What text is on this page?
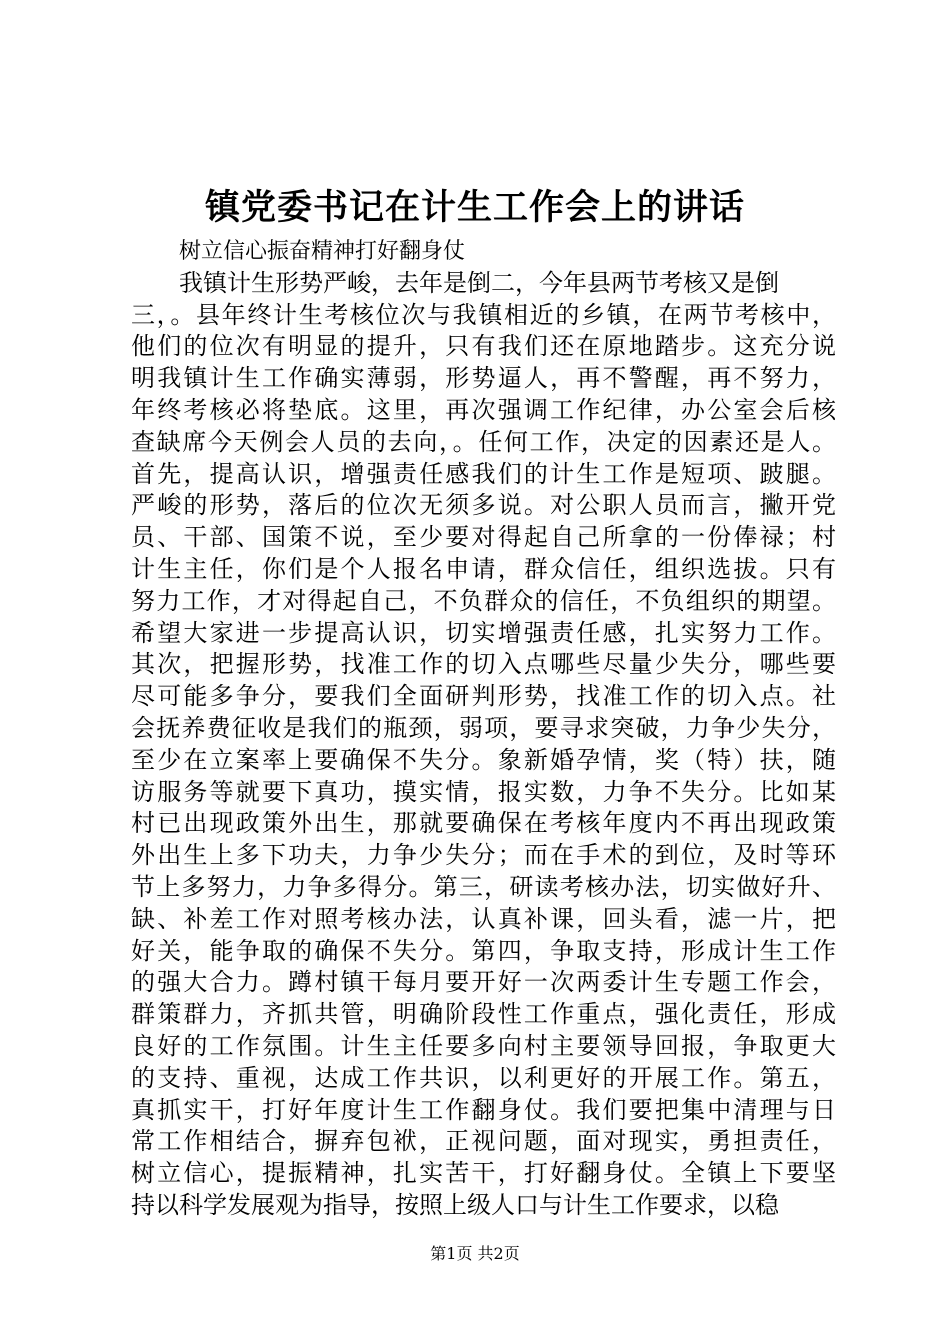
镇党委书记在计生工作会上的讲话
树立信心振奋精神打好翻身仗
我镇计生形势严峻，去年是倒二，今年县两节考核又是倒
三，。县年终计生考核位次与我镇相近的乡镇，在两节考核中，
他们的位次有明显的提升，只有我们还在原地踏步。这充分说
明我镇计生工作确实薄弱，形势逼人，再不警醒，再不努力，
年终考核必将垫底。这里，再次强调工作纪律，办公室会后核
查缺席今天例会人员的去向，。任何工作，决定的因素还是人。
首先，提高认识，增强责任感我们的计生工作是短项、跛腿。
严峻的形势，落后的位次无须多说。对公职人员而言，撇开党
员、干部、国策不说，至少要对得起自己所拿的一份俸禄；村
计生主任，你们是个人报名申请，群众信任，组织选拔。只有
努力工作，才对得起自己，不负群众的信任，不负组织的期望。
希望大家进一步提高认识，切实增强责任感，扎实努力工作。
其次，把握形势，找准工作的切入点哪些尽量少失分，哪些要
尽可能多争分，要我们全面研判形势，找准工作的切入点。社
会抚养费征收是我们的瓶颈，弱项，要寻求突破，力争少失分，
至少在立案率上要确保不失分。象新婚孕情，奖（特）扶，随
访服务等就要下真功，摸实情，报实数，力争不失分。比如某
村已出现政策外出生，那就要确保在考核年度内不再出现政策
外出生上多下功夫，力争少失分；而在手术的到位，及时等环
节上多努力，力争多得分。第三，研读考核办法，切实做好升、
缺、补差工作对照考核办法，认真补课，回头看，滤一片，把
好关，能争取的确保不失分。第四，争取支持，形成计生工作
的强大合力。蹲村镇干每月要开好一次两委计生专题工作会，
群策群力，齐抓共管，明确阶段性工作重点，强化责任，形成
良好的工作氛围。计生主任要多向村主要领导回报，争取更大
的支持、重视，达成工作共识，以利更好的开展工作。第五，
真抓实干，打好年度计生工作翻身仗。我们要把集中清理与日
常工作相结合，摒弃包袱，正视问题，面对现实，勇担责任，
树立信心，提振精神，扎实苦干，打好翻身仗。全镇上下要坚
持以科学发展观为指导，按照上级人口与计生工作要求，以稳
第1页 共2页
